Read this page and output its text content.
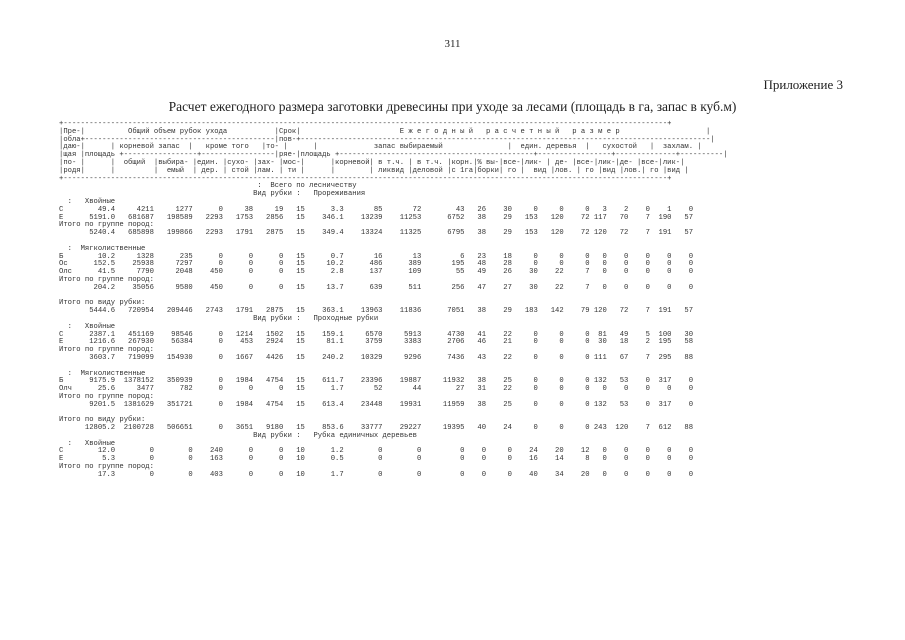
311
Приложение 3
Расчет ежегодного размера заготовки древесины при уходе за лесами (площадь в га, запас в куб.м)
+--------------------------------------------------------------------------------------------------------------------------------------------+
|Пре-|          Общий объем рубок ухода           |Срок|                       Е ж е г о д н ы й   р а с ч е т н ы й   р а з м е р                    |
|обла+--------------------------------------------|пов-+-----------------------------------------------------------------------------------------------|
|даю-|      | корневой запас  |   кроме того   |то- |      |             запас выбираемый               |  един. деревья  |   сухостой   |  захлам. |
|щая |площадь +-----------------+-----------------|ряе-|площадь +---------------------------------------------+-----------------+--------------+----------|
|по- |      |  общий  |выбира- |един. |сухо- |зах- |мос-|      |корневой| в т.ч. | в т.ч. |корн.|% вы-|все-|лик- | де- |все-|лик-|де- |все-|лик-|
|родя|      |         |  емый  | дер. | стой |лам. | ти |      |        | ликвид |деловой |с 1га|борки| го |  вид |лов. | го |вид |лов.| го |вид |
+--------------------------------------------------------------------------------------------------------------------------------------------+
:  Всего по лесничеству
Вид рубки :   Прореживания
:   Хвойные
С        49.4     4211     1277      0     38     19   15      3.3       85       72        43   26    30     0     0     0   3    2    0    1    0
Е      5191.0   681687   198589   2293   1753   2856   15    346.1    13239    11253      6752   38    29   153   120    72 117   70    7  190   57
Итого по группе пород:
5240.4   685898   199866   2293   1791   2875   15    349.4    13324    11325      6795   38    29   153   120    72 120   72    7  191   57
:  Мягколиственные
Б        10.2     1328      235      0      0      0   15      0.7       16       13         6   23    18     0     0     0   0    0    0    0    0
Ос      152.5    25938     7297      0      0      0   15     10.2      486      389       195   48    28     0     0     0   0    0    0    0    0
Олс      41.5     7790     2048    450      0      0   15      2.8      137      109        55   49    26    30    22     7   0    0    0    0    0
Итого по группе пород:
204.2    35056     9580    450      0      0   15     13.7      639      511       256   47    27    30    22     7   0    0    0    0    0
Итого по виду рубки:
5444.6   720954   209446   2743   1791   2875   15    363.1    13963    11836      7051   38    29   183   142    79 120   72    7  191   57
Вид рубки :   Проходные рубки
:   Хвойные
С      2387.1   451169    98546      0   1214   1502   15    159.1     6570     5913      4730   41    22     0     0     0  81   49    5  100   30
Е      1216.6   267930    56384      0    453   2924   15     81.1     3759     3383      2706   46    21     0     0     0  30   18    2  195   58
Итого по группе пород:
3603.7   719099   154930      0   1667   4426   15    240.2    10329     9296      7436   43    22     0     0     0 111   67    7  295   88
:  Мягколиственные
Б      9175.9  1378152   350939      0   1984   4754   15    611.7    23396    19887     11932   38    25     0     0     0 132   53    0  317    0
Олч      25.6     3477      782      0      0      0   15      1.7       52       44        27   31    22     0     0     0   0    0    0    0    0
Итого по группе пород:
9201.5  1381629   351721      0   1984   4754   15    613.4    23448    19931     11959   38    25     0     0     0 132   53    0  317    0
Итого по виду рубки:
12805.2  2100728   506651      0   3651   9180   15    853.6    33777    29227     19395   40    24     0     0     0 243  120    7  612   88
Вид рубки :   Рубка единичных деревьев
:   Хвойные
С        12.0        0        0    240      0      0   10      1.2        0        0         0    0     0    24    20    12   0    0    0    0    0
Е         5.3        0        0    163      0      0   10      0.5        0        0         0    0     0    16    14     8   0    0    0    0    0
Итого по группе пород:
17.3        0        0    403      0      0   10      1.7        0        0         0    0     0    40    34    20   0    0    0    0    0
